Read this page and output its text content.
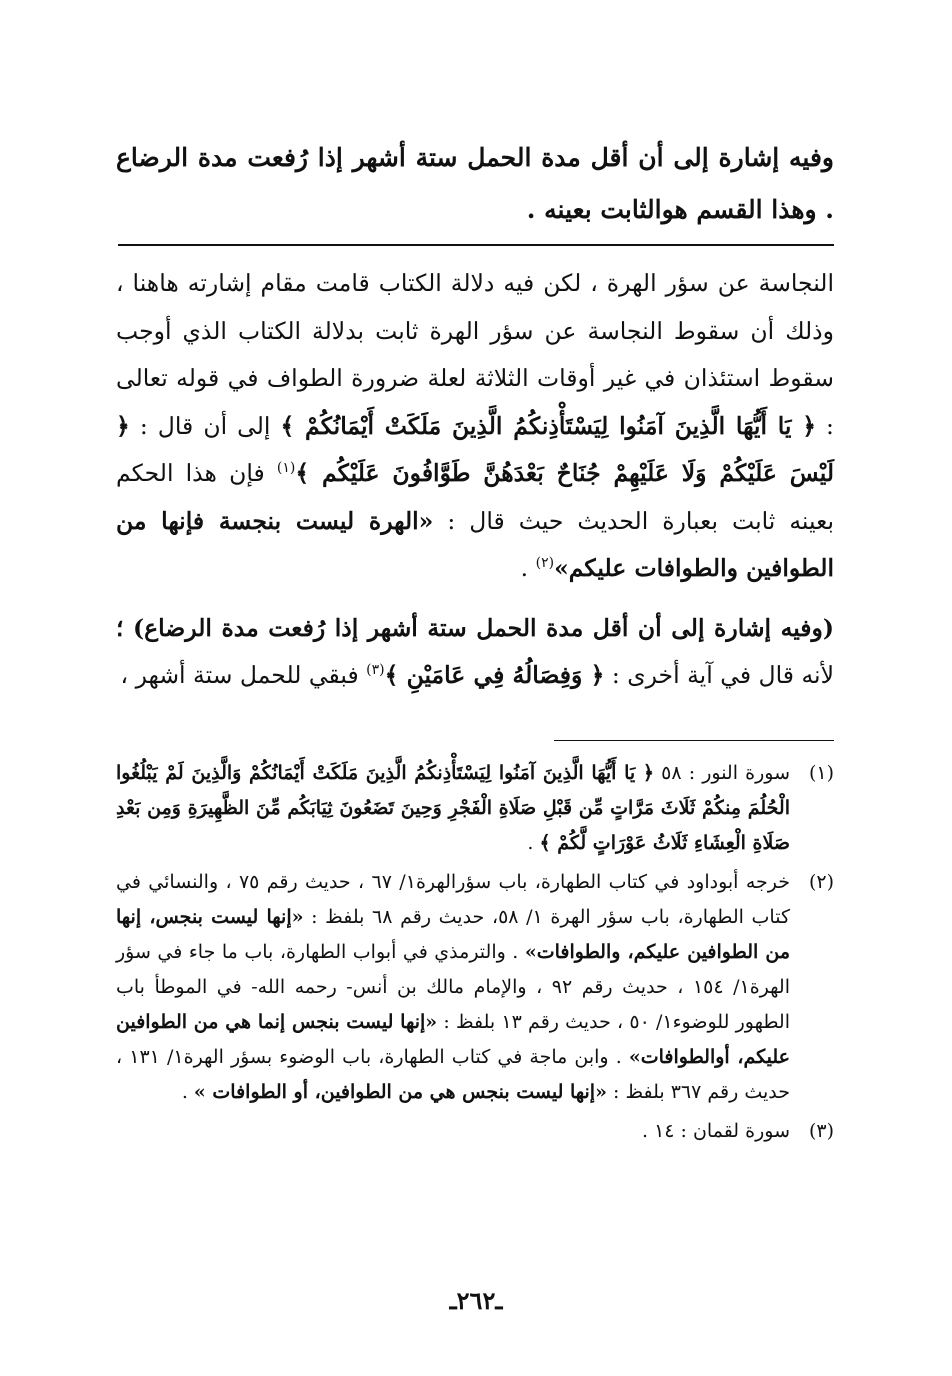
وفيه إشارة إلى أن أقل مدة الحمل ستة أشهر إذا رُفعت مدة الرضاع . وهذا القسم هوالثابت بعينه .

النجاسة عن سؤر الهرة ، لكن فيه دلالة الكتاب قامت مقام إشارته هاهنا ، وذلك أن سقوط النجاسة عن سؤر الهرة ثابت بدلالة الكتاب الذي أوجب سقوط استئذان في غير أوقات الثلاثة لعلة ضرورة الطواف في قوله تعالى : ﴿ يَا أَيُّهَا الَّذِينَ آمَنُوا لِيَسْتَأْذِنكُمُ الَّذِينَ مَلَكَتْ أَيْمَانُكُمْ ﴾ إلى أن قال : ﴿ لَيْسَ عَلَيْكُمْ وَلَا عَلَيْهِمْ جُنَاحٌ بَعْدَهُنَّ طَوَّافُونَ عَلَيْكُم ﴾$^{(١)}$ فإن هذا الحكم بعينه ثابت بعبارة الحديث حيث قال : «الهرة ليست بنجسة فإنها من الطوافين والطوافات عليكم»$^{(٢)}$ .

(وفيه إشارة إلى أن أقل مدة الحمل ستة أشهر إذا رُفعت مدة الرضاع) ؛ لأنه قال في آية أخرى : ﴿ وَفِصَالُهُ فِي عَامَيْنِ ﴾$^{(٣)}$ فبقي للحمل ستة أشهر ،

(١)
سورة النور : ٥٨ ﴿ يَا أَيُّهَا الَّذِينَ آمَنُوا لِيَسْتَأْذِنكُمُ الَّذِينَ مَلَكَتْ أَيْمَانُكُمْ وَالَّذِينَ لَمْ يَبْلُغُوا الْحُلُمَ مِنكُمْ ثَلَاثَ مَرَّاتٍ مِّن قَبْلِ صَلَاةِ الْفَجْرِ وَحِينَ تَضَعُونَ ثِيَابَكُم مِّنَ الظَّهِيرَةِ وَمِن بَعْدِ صَلَاةِ الْعِشَاءِ ثَلَاثُ عَوْرَاتٍ لَّكُمْ ﴾ .
(٢)
خرجه أبوداود في كتاب الطهارة، باب سؤرالهرة١/ ٦٧ ، حديث رقم ٧٥ ، والنسائي في كتاب الطهارة، باب سؤر الهرة ١/ ٥٨، حديث رقم ٦٨ بلفظ : «إنها ليست بنجس، إنها من الطوافين عليكم، والطوافات» . والترمذي في أبواب الطهارة، باب ما جاء في سؤر الهرة١/ ١٥٤ ، حديث رقم ٩٢ ، والإمام مالك بن أنس- رحمه الله- في الموطأ باب الطهور للوضوء١/ ٥٠ ، حديث رقم ١٣ بلفظ : «إنها ليست بنجس إنما هي من الطوافين عليكم، أوالطوافات» . وابن ماجة في كتاب الطهارة، باب الوضوء بسؤر الهرة١/ ١٣١ ، حديث رقم ٣٦٧ بلفظ : «إنها ليست بنجس هي من الطوافين، أو الطوافات » .
(٣)
سورة لقمان : ١٤ .
ـ٢٦٢ـ
